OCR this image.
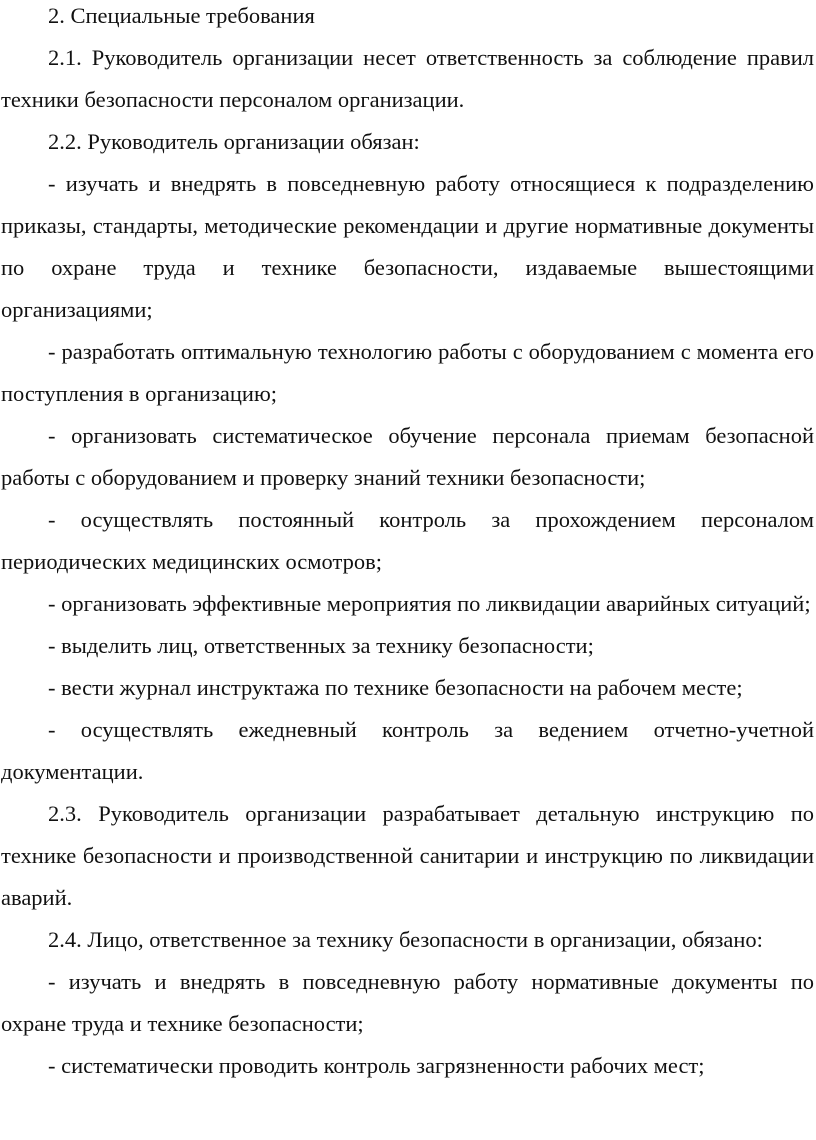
2. Специальные требования

2.1. Руководитель организации несет ответственность за соблюдение правил техники безопасности персоналом организации.

2.2. Руководитель организации обязан:

- изучать и внедрять в повседневную работу относящиеся к подразделению приказы, стандарты, методические рекомендации и другие нормативные документы по охране труда и технике безопасности, издаваемые вышестоящими организациями;

- разработать оптимальную технологию работы с оборудованием с момента его поступления в организацию;

- организовать систематическое обучение персонала приемам безопасной работы с оборудованием и проверку знаний техники безопасности;

- осуществлять постоянный контроль за прохождением персоналом периодических медицинских осмотров;

- организовать эффективные мероприятия по ликвидации аварийных ситуаций;

- выделить лиц, ответственных за технику безопасности;

- вести журнал инструктажа по технике безопасности на рабочем месте;

- осуществлять ежедневный контроль за ведением отчетно-учетной документации.

2.3. Руководитель организации разрабатывает детальную инструкцию по технике безопасности и производственной санитарии и инструкцию по ликвидации аварий.

2.4. Лицо, ответственное за технику безопасности в организации, обязано:

- изучать и внедрять в повседневную работу нормативные документы по охране труда и технике безопасности;

- систематически проводить контроль загрязненности рабочих мест;
